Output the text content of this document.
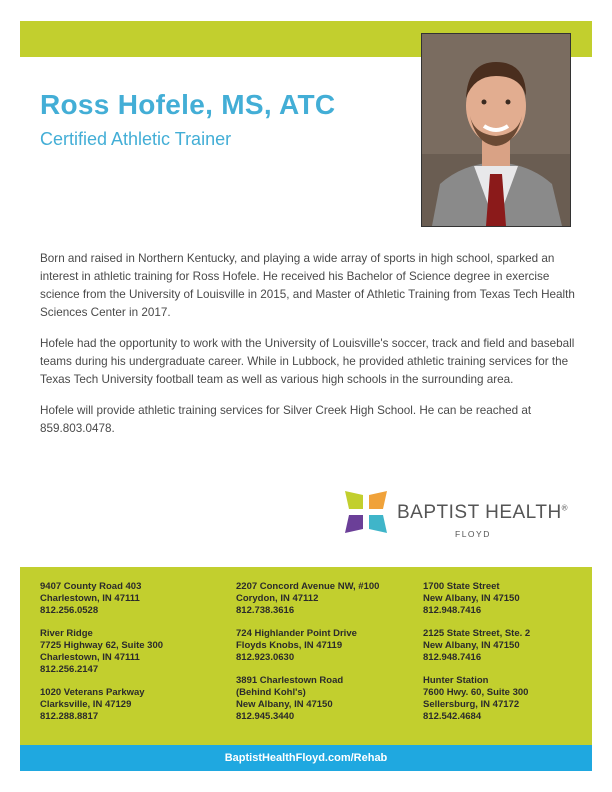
Ross Hofele, MS, ATC
Certified Athletic Trainer

Born and raised in Northern Kentucky, and playing a wide array of sports in high school, sparked an interest in athletic training for Ross Hofele. He received his Bachelor of Science degree in exercise science from the University of Louisville in 2015, and Master of Athletic Training from Texas Tech Health Sciences Center in 2017.

Hofele had the opportunity to work with the University of Louisville's soccer, track and field and baseball teams during his undergraduate career. While in Lubbock, he provided athletic training services for the Texas Tech University football team as well as various high schools in the surrounding area.

Hofele will provide athletic training services for Silver Creek High School. He can be reached at 859.803.0478.

BAPTIST HEALTH®
FLOYD
9407 County Road 403
Charlestown, IN 47111
812.256.0528
River Ridge
7725 Highway 62, Suite 300
Charlestown, IN 47111
812.256.2147
1020 Veterans Parkway
Clarksville, IN 47129
812.288.8817
2207 Concord Avenue NW, #100
Corydon, IN 47112
812.738.3616
724 Highlander Point Drive
Floyds Knobs, IN 47119
812.923.0630
3891 Charlestown Road
(Behind Kohl's)
New Albany, IN 47150
812.945.3440
1700 State Street
New Albany, IN 47150
812.948.7416
2125 State Street, Ste. 2
New Albany, IN 47150
812.948.7416
Hunter Station
7600 Hwy. 60, Suite 300
Sellersburg, IN 47172
812.542.4684
BaptistHealthFloyd.com/Rehab
